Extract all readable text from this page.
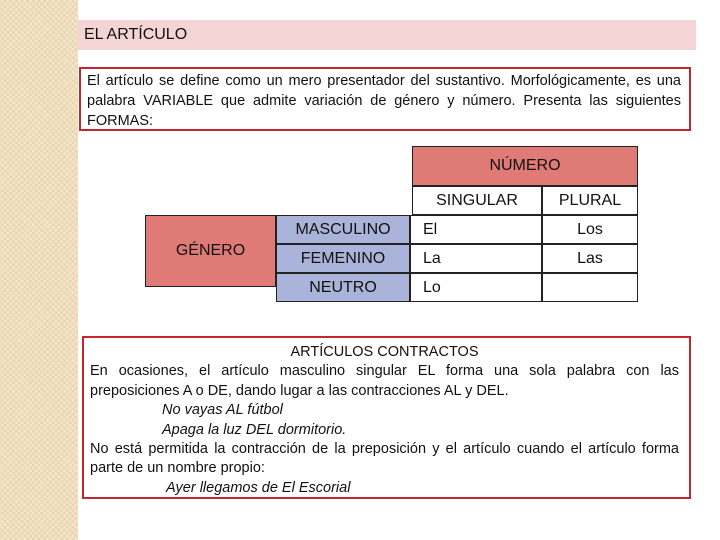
EL ARTÍCULO
El artículo se define como un mero presentador del sustantivo. Morfológicamente, es una palabra VARIABLE que admite variación de género y número. Presenta las siguientes FORMAS:
NÚMERO
GÉNERO
SINGULAR	PLURAL
MASCULINO	El	Los
FEMENINO	La	Las
NEUTRO	Lo

ARTÍCULOS CONTRACTOS

En ocasiones, el artículo masculino singular EL forma una sola palabra con las preposiciones A o DE, dando lugar a las contracciones AL y DEL.

No vayas AL fútbol

Apaga la luz DEL dormitorio.

No está permitida la contracción de la preposición y el artículo cuando el artículo forma parte de un nombre propio:

Ayer llegamos de El Escorial
